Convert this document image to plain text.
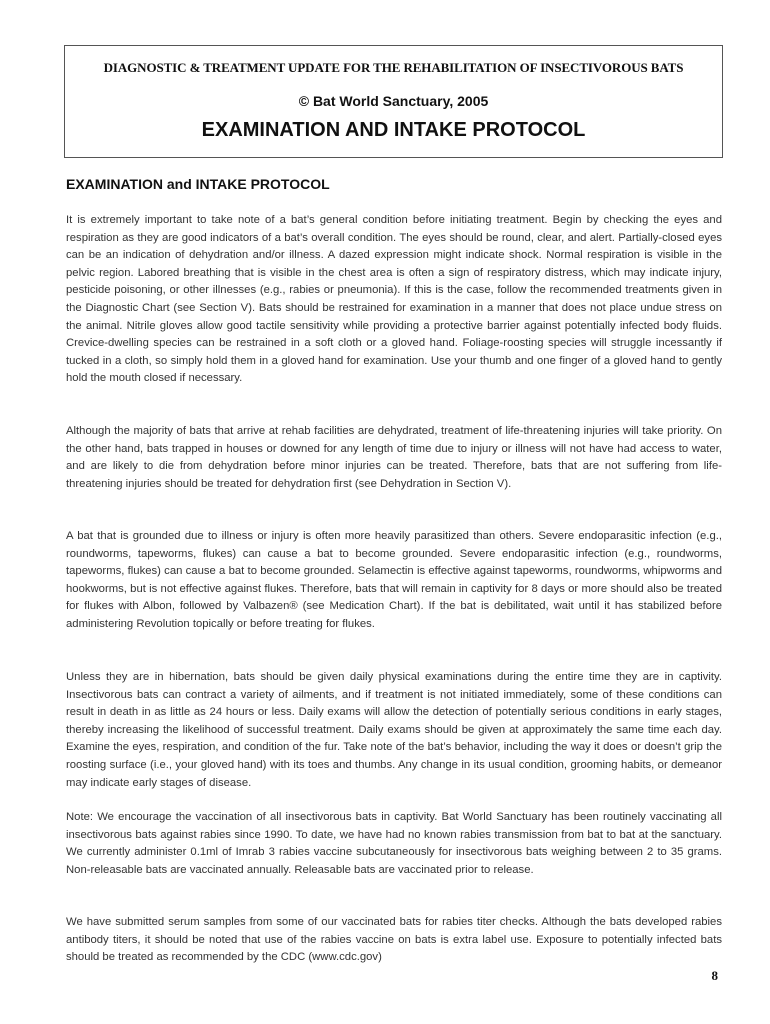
DIAGNOSTIC & TREATMENT UPDATE FOR THE REHABILITATION OF INSECTIVOROUS BATS
© Bat World Sanctuary, 2005
EXAMINATION AND INTAKE PROTOCOL
EXAMINATION and INTAKE PROTOCOL

It is extremely important to take note of a bat’s general condition before initiating treatment. Begin by checking the eyes and respiration as they are good indicators of a bat’s overall condition. The eyes should be round, clear, and alert. Partially-closed eyes can be an indication of dehydration and/or illness. A dazed expression might indicate shock. Normal respiration is visible in the pelvic region. Labored breathing that is visible in the chest area is often a sign of respiratory distress, which may indicate injury, pesticide poisoning, or other illnesses (e.g., rabies or pneumonia). If this is the case, follow the recommended treatments given in the Diagnostic Chart (see Section V). Bats should be restrained for examination in a manner that does not place undue stress on the animal. Nitrile gloves allow good tactile sensitivity while providing a protective barrier against potentially infected body fluids. Crevice-dwelling species can be restrained in a soft cloth or a gloved hand. Foliage-roosting species will struggle incessantly if tucked in a cloth, so simply hold them in a gloved hand for examination. Use your thumb and one finger of a gloved hand to gently hold the mouth closed if necessary.

Although the majority of bats that arrive at rehab facilities are dehydrated, treatment of life-threatening injuries will take priority. On the other hand, bats trapped in houses or downed for any length of time due to injury or illness will not have had access to water, and are likely to die from dehydration before minor injuries can be treated. Therefore, bats that are not suffering from life-threatening injuries should be treated for dehydration first (see Dehydration in Section V).

A bat that is grounded due to illness or injury is often more heavily parasitized than others. Severe endoparasitic infection (e.g., roundworms, tapeworms, flukes) can cause a bat to become grounded. Severe endoparasitic infection (e.g., roundworms, tapeworms, flukes) can cause a bat to become grounded. Selamectin is effective against tapeworms, roundworms, whipworms and hookworms, but is not effective against flukes. Therefore, bats that will remain in captivity for 8 days or more should also be treated for flukes with Albon, followed by Valbazen® (see Medication Chart). If the bat is debilitated, wait until it has stabilized before administering Revolution topically or before treating for flukes.

Unless they are in hibernation, bats should be given daily physical examinations during the entire time they are in captivity. Insectivorous bats can contract a variety of ailments, and if treatment is not initiated immediately, some of these conditions can result in death in as little as 24 hours or less. Daily exams will allow the detection of potentially serious conditions in early stages, thereby increasing the likelihood of successful treatment. Daily exams should be given at approximately the same time each day. Examine the eyes, respiration, and condition of the fur. Take note of the bat’s behavior, including the way it does or doesn’t grip the roosting surface (i.e., your gloved hand) with its toes and thumbs. Any change in its usual condition, grooming habits, or demeanor may indicate early stages of disease.

Note: We encourage the vaccination of all insectivorous bats in captivity. Bat World Sanctuary has been routinely vaccinating all insectivorous bats against rabies since 1990. To date, we have had no known rabies transmission from bat to bat at the sanctuary. We currently administer 0.1ml of Imrab 3 rabies vaccine subcutaneously for insectivorous bats weighing between 2 to 35 grams. Non-releasable bats are vaccinated annually. Releasable bats are vaccinated prior to release.

We have submitted serum samples from some of our vaccinated bats for rabies titer checks. Although the bats developed rabies antibody titers, it should be noted that use of the rabies vaccine on bats is extra label use. Exposure to potentially infected bats should be treated as recommended by the CDC (www.cdc.gov)

8
